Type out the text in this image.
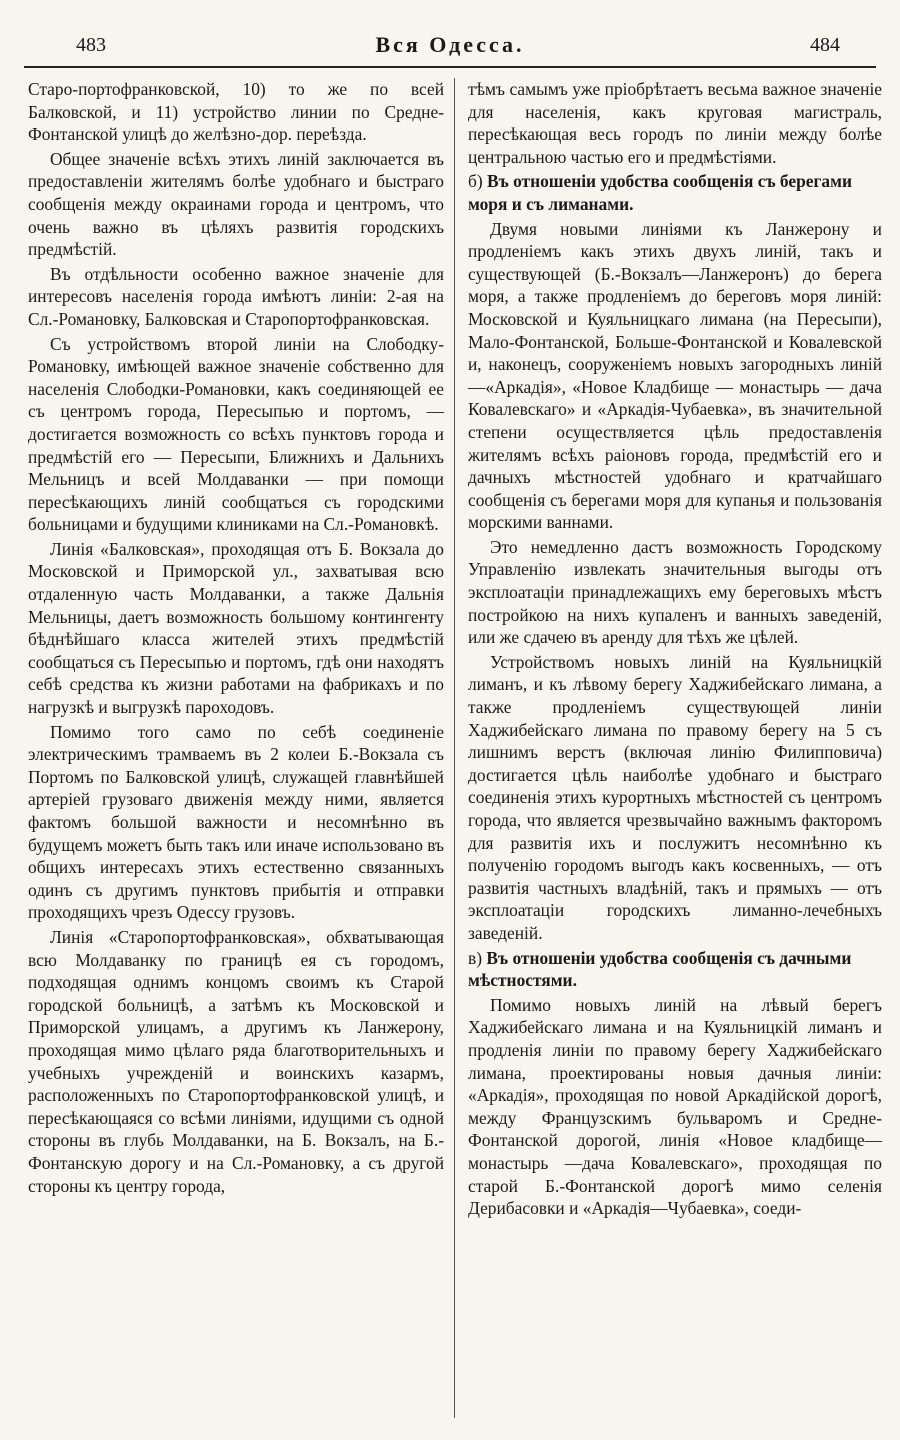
483	Вся Одесса.	484

Старо-портофранковской, 10) то же по всей Балковской, и 11) устройство линии по Средне-Фонтанской улицѣ до желѣзно-дор. переѣзда.

Общее значеніе всѣхъ этихъ линій заключается въ предоставленіи жителямъ болѣе удобнаго и быстраго сообщенія между окраинами города и центромъ, что очень важно въ цѣляхъ развитія городскихъ предмѣстій.

Въ отдѣльности особенно важное значеніе для интересовъ населенія города имѣютъ линіи: 2-ая на Сл.-Романовку, Балковская и Старопортофранковская.

Съ устройствомъ второй линіи на Слободку-Романовку, имѣющей важное значеніе собственно для населенія Слободки-Романовки, какъ соединяющей ее съ центромъ города, Пересыпью и портомъ, — достигается возможность со всѣхъ пунктовъ города и предмѣстій его — Пересыпи, Ближнихъ и Дальнихъ Мельницъ и всей Молдаванки — при помощи пересѣкающихъ линій сообщаться съ городскими больницами и будущими клиниками на Сл.-Романовкѣ.

Линія «Балковская», проходящая отъ Б. Вокзала до Московской и Приморской ул., захватывая всю отдаленную часть Молдаванки, а также Дальнія Мельницы, даетъ возможность большому контингенту бѣднѣйшаго класса жителей этихъ предмѣстій сообщаться съ Пересыпью и портомъ, гдѣ они находятъ себѣ средства къ жизни работами на фабрикахъ и по нагрузкѣ и выгрузкѣ пароходовъ.

Помимо того само по себѣ соединеніе электрическимъ трамваемъ въ 2 колеи Б.-Вокзала съ Портомъ по Балковской улицѣ, служащей главнѣйшей артеріей грузоваго движенія между ними, является фактомъ большой важности и несомнѣнно въ будущемъ можетъ быть такъ или иначе использовано въ общихъ интересахъ этихъ естественно связанныхъ одинъ съ другимъ пунктовъ прибытія и отправки проходящихъ чрезъ Одессу грузовъ.

Линія «Старопортофранковская», обхватывающая всю Молдаванку по границѣ ея съ городомъ, подходящая однимъ концомъ своимъ къ Старой городской больницѣ, а затѣмъ къ Московской и Приморской улицамъ, а другимъ къ Ланжерону, проходящая мимо цѣлаго ряда благотворительныхъ и учебныхъ учрежденій и воинскихъ казармъ, расположенныхъ по Старопортофранковской улицѣ, и пересѣкающаяся со всѣми линіями, идущими съ одной стороны въ глубь Молдаванки, на Б. Вокзалъ, на Б.-Фонтанскую дорогу и на Сл.-Романовку, а съ другой стороны къ центру города,

тѣмъ самымъ уже пріобрѣтаетъ весьма важное значеніе для населенія, какъ круговая магистраль, пересѣкающая весь городъ по линіи между болѣе центральною частью его и предмѣстіями.

б) Въ отношеніи удобства сообщенія съ берегами моря и съ лиманами.

Двумя новыми линіями къ Ланжерону и продленіемъ какъ этихъ двухъ линій, такъ и существующей (Б.-Вокзалъ—Ланжеронъ) до берега моря, а также продленіемъ до береговъ моря линій: Московской и Куяльницкаго лимана (на Пересыпи), Мало-Фонтанской, Больше-Фонтанской и Ковалевской и, наконецъ, сооруженіемъ новыхъ загородныхъ линій—«Аркадія», «Новое Кладбище — монастырь — дача Ковалевскаго» и «Аркадія-Чубаевка», въ значительной степени осуществляется цѣль предоставленія жителямъ всѣхъ раіоновъ города, предмѣстій его и дачныхъ мѣстностей удобнаго и кратчайшаго сообщенія съ берегами моря для купанья и пользованія морскими ваннами.

Это немедленно дастъ возможность Городскому Управленію извлекать значительныя выгоды отъ эксплоатаціи принадлежащихъ ему береговыхъ мѣстъ постройкою на нихъ купаленъ и ванныхъ заведеній, или же сдачею въ аренду для тѣхъ же цѣлей.

Устройствомъ новыхъ линій на Куяльницкій лиманъ, и къ лѣвому берегу Хаджибейскаго лимана, а также продленіемъ существующей линіи Хаджибейскаго лимана по правому берегу на 5 съ лишнимъ верстъ (включая линію Филипповича) достигается цѣль наиболѣе удобнаго и быстраго соединенія этихъ курортныхъ мѣстностей съ центромъ города, что является чрезвычайно важнымъ факторомъ для развитія ихъ и послужитъ несомнѣнно къ полученію городомъ выгодъ какъ косвенныхъ, — отъ развитія частныхъ владѣній, такъ и прямыхъ — отъ эксплоатаціи городскихъ лиманно-лечебныхъ заведеній.

в) Въ отношеніи удобства сообщенія съ дачными мѣстностями.

Помимо новыхъ линій на лѣвый берегъ Хаджибейскаго лимана и на Куяльницкій лиманъ и продленія линіи по правому берегу Хаджибейскаго лимана, проектированы новыя дачныя линіи: «Аркадія», проходящая по новой Аркадійской дорогѣ, между Французскимъ бульваромъ и Средне-Фонтанской дорогой, линія «Новое кладбище—монастырь —дача Ковалевскаго», проходящая по старой Б.-Фонтанской дорогѣ мимо селенія Дерибасовки и «Аркадія—Чубаевка», соеди-
